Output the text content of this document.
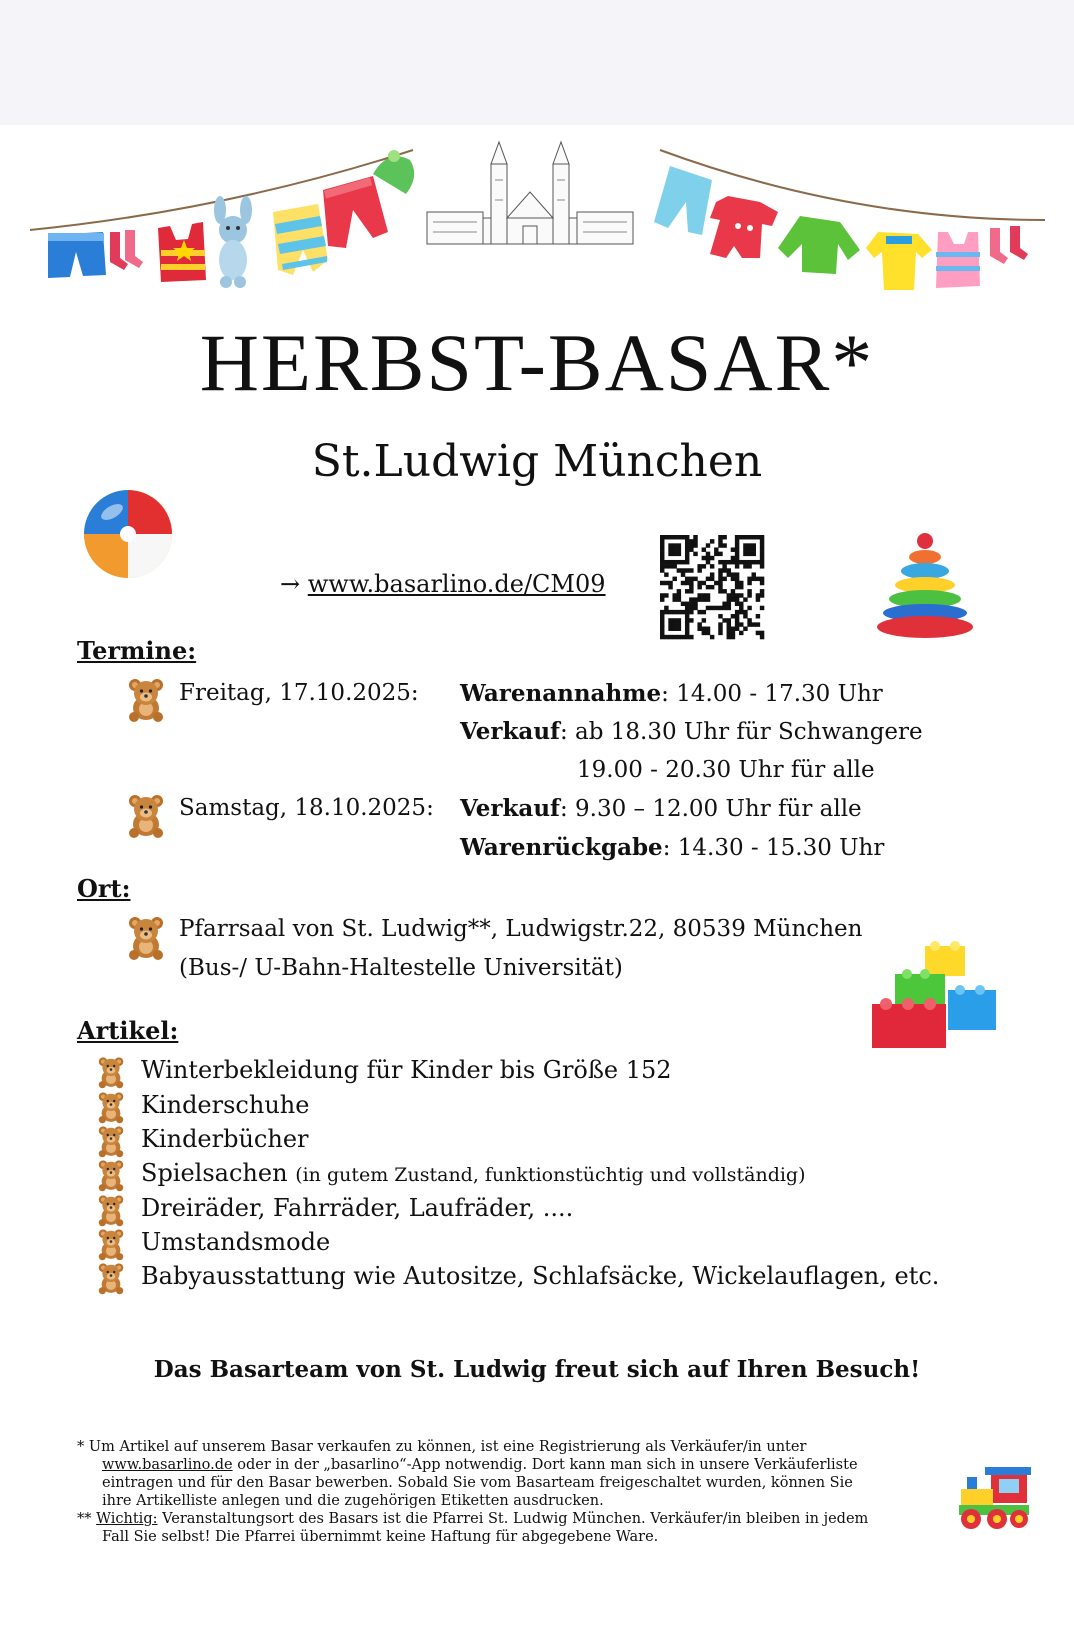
HERBST-BASAR*
St.Ludwig München
→ www.basarlino.de/CM09
Termine:
Freitag, 17.10.2025: Warenannahme: 14.00 - 17.30 Uhr
Verkauf: ab 18.30 Uhr für Schwangere
19.00 - 20.30 Uhr für alle
Samstag, 18.10.2025: Verkauf: 9.30 – 12.00 Uhr für alle
Warenrückgabe: 14.30 - 15.30 Uhr
Ort:
Pfarrsaal von St. Ludwig**, Ludwigstr.22, 80539 München
(Bus-/ U-Bahn-Haltestelle Universität)
Artikel:
Winterbekleidung für Kinder bis Größe 152
Kinderschuhe
Kinderbücher
Spielsachen (in gutem Zustand, funktionstüchtig und vollständig)
Dreiräder, Fahrräder, Laufräder, ....
Umstandsmode
Babyausstattung wie Autositze, Schlafsäcke, Wickelauflagen, etc.
Das Basarteam von St. Ludwig freut sich auf Ihren Besuch!
* Um Artikel auf unserem Basar verkaufen zu können, ist eine Registrierung als Verkäufer/in unter
www.basarlino.de oder in der „basarlino“-App notwendig. Dort kann man sich in unsere Verkäuferliste
eintragen und für den Basar bewerben. Sobald Sie vom Basarteam freigeschaltet wurden, können Sie
ihre Artikelliste anlegen und die zugehörigen Etiketten ausdrucken.
** Wichtig: Veranstaltungsort des Basars ist die Pfarrei St. Ludwig München. Verkäufer/in bleiben in jedem
Fall Sie selbst! Die Pfarrei übernimmt keine Haftung für abgegebene Ware.
